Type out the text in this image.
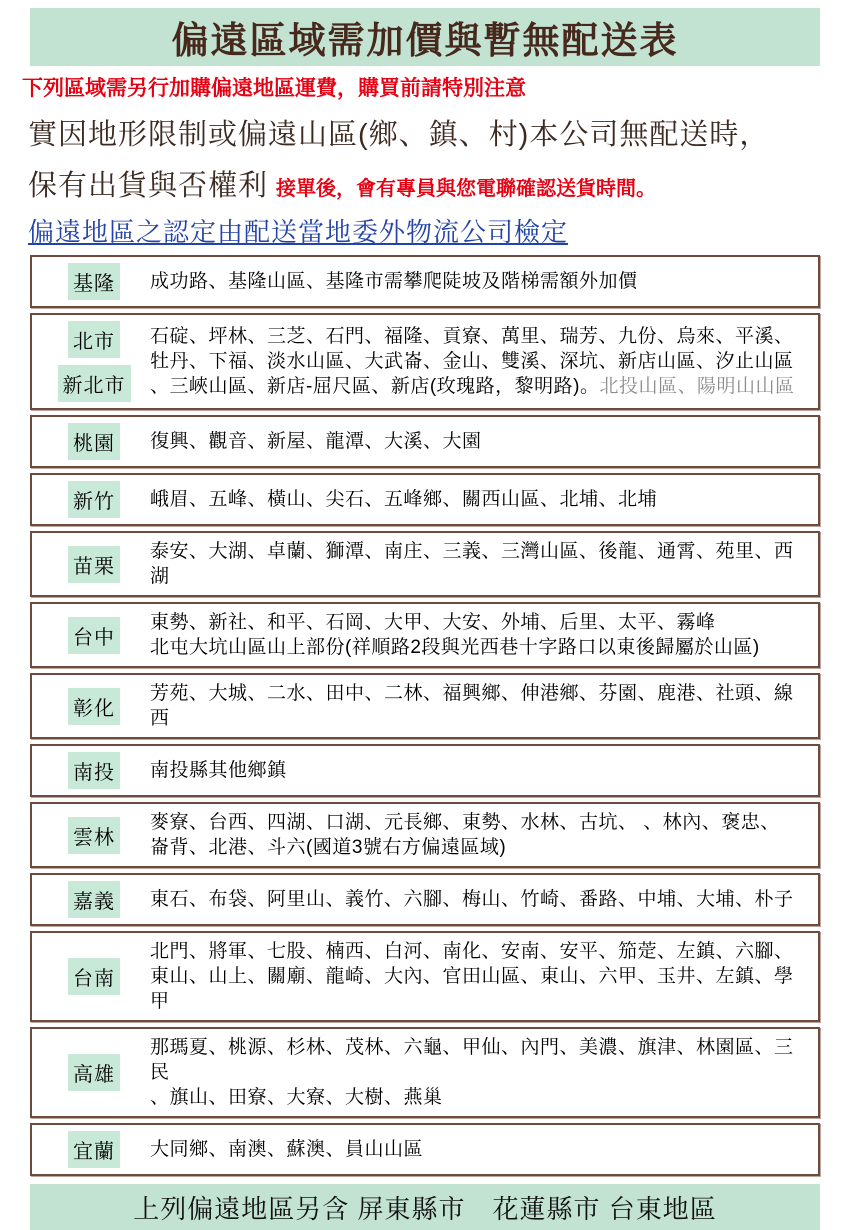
偏遠區域需加價與暫無配送表
下列區域需另行加購偏遠地區運費，購買前請特別注意
實因地形限制或偏遠山區(鄉、鎮、村)本公司無配送時，
保有出貨與否權利 接單後，會有專員與您電聯確認送貨時間。
偏遠地區之認定由配送當地委外物流公司檢定
基隆 成功路、基隆山區、基隆市需攀爬陡坡及階梯需額外加價
北市
新北市
石碇、坪林、三芝、石門、福隆、貢寮、萬里、瑞芳、九份、烏來、平溪、
牡丹、下福、淡水山區、大武崙、金山、雙溪、深坑、新店山區、汐止山區
、三峽山區、新店-屈尺區、新店(玫瑰路，黎明路)。北投山區、陽明山山區
桃園 復興、觀音、新屋、龍潭、大溪、大園
新竹 峨眉、五峰、橫山、尖石、五峰鄉、關西山區、北埔、北埔
苗栗
泰安、大湖、卓蘭、獅潭、南庄、三義、三灣山區、後龍、通霄、苑里、西湖
台中
東勢、新社、和平、石岡、大甲、大安、外埔、后里、太平、霧峰
北屯大坑山區山上部份(祥順路2段與光西巷十字路口以東後歸屬於山區)
彰化
芳苑、大城、二水、田中、二林、福興鄉、伸港鄉、芬園、鹿港、社頭、線西
南投 南投縣其他鄉鎮
雲林
麥寮、台西、四湖、口湖、元長鄉、東勢、水林、古坑、 、林內、褒忠、
崙背、北港、斗六(國道3號右方偏遠區域)
嘉義 東石、布袋、阿里山、義竹、六腳、梅山、竹崎、番路、中埔、大埔、朴子
台南
北門、將軍、七股、楠西、白河、南化、安南、安平、笳萣、左鎮、六腳、
東山、山上、關廟、龍崎、大內、官田山區、東山、六甲、玉井、左鎮、學甲
高雄
那瑪夏、桃源、杉林、茂林、六龜、甲仙、內門、美濃、旗津、林園區、三民
、旗山、田寮、大寮、大樹、燕巢
宜蘭 大同鄉、南澳、蘇澳、員山山區
上列偏遠地區另含 屏東縣市　花蓮縣市 台東地區
